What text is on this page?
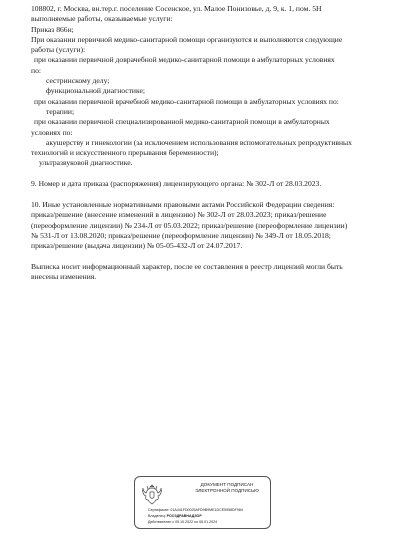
108802, г. Москва, вн.тер.г. поселение Сосенское, ул. Малое Понизовье, д. 9, к. 1, пом. 5Н

выполняемые работы, оказываемые услуги:

Приказ 866н;

При оказании первичной медико-санитарной помощи организуются и выполняются следующие

работы (услуги):

при оказании первичной доврачебной медико-санитарной помощи в амбулаторных условиях

по:

сестринскому делу;

функциональной диагностике;

при оказании первичной врачебной медико-санитарной помощи в амбулаторных условиях по:

терапии;

при оказании первичной специализированной медико-санитарной помощи в амбулаторных

условиях по:

акушерству и гинекологии (за исключением использования вспомогательных репродуктивных

технологий и искусственного прерывания беременности);

ультразвуковой диагностике.

9. Номер и дата приказа (распоряжения) лицензирующего органа: № 302-Л от 28.03.2023.

10. Иные установленные нормативными правовыми актами Российской Федерации сведения:

приказ/решение (внесение изменений в лицензию) № 302-Л от 28.03.2023; приказ/решение

(переоформление лицензии) № 234-Л от 05.03.2022; приказ/решение (переоформление лицензии)

№ 531-Л от 13.08.2020; приказ/решение (переоформление лицензии) № 349-Л от 18.05.2018;

приказ/решение (выдача лицензии) № 05-05-432-Л от 24.07.2017.

Выписка носит информационный характер, после ее составления в реестр лицензий могли быть

внесены изменения.

ДОКУМЕНТ ПОДПИСАН
ЭЛЕКТРОННОЙ ПОДПИСЬЮ
Сертификат: 01A441FD0025AFD9B9ME1DCE5958DF984
Владелец: РОСЗДРАВНАДЗОР
Действителен с 05.10.2022 по 05.01.2024
